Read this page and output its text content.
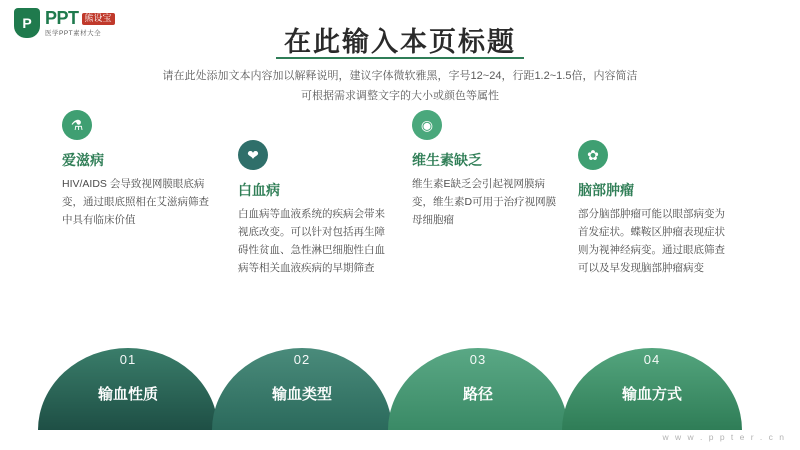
P PPT 熊设宝
医学PPT素材大全	在此输入本页标题
请在此处添加文本内容加以解释说明，建议字体微软雅黑，字号12~24，行距1.2~1.5倍，内容简洁
可根据需求调整文字的大小或颜色等属性
⚗
爱滋病
HIV/AIDS 会导致视网膜眼底病变，通过眼底照相在艾滋病筛查中具有临床价值
❤
白血病
白血病等血液系统的疾病会带来视底改变。可以针对包括再生障碍性贫血、急性淋巴细胞性白血病等相关血液疾病的早期筛查
◉
维生素缺乏
维生素E缺乏会引起视网膜病变，维生素D可用于治疗视网膜母细胞瘤
✿
脑部肿瘤
部分脑部肿瘤可能以眼部病变为首发症状。蝶鞍区肿瘤表现症状则为视神经病变。通过眼底筛查可以及早发现脑部肿瘤病变
01
输血性质
02
输血类型
03
路径
04
输血方式
w w w . p p t e r . c n
